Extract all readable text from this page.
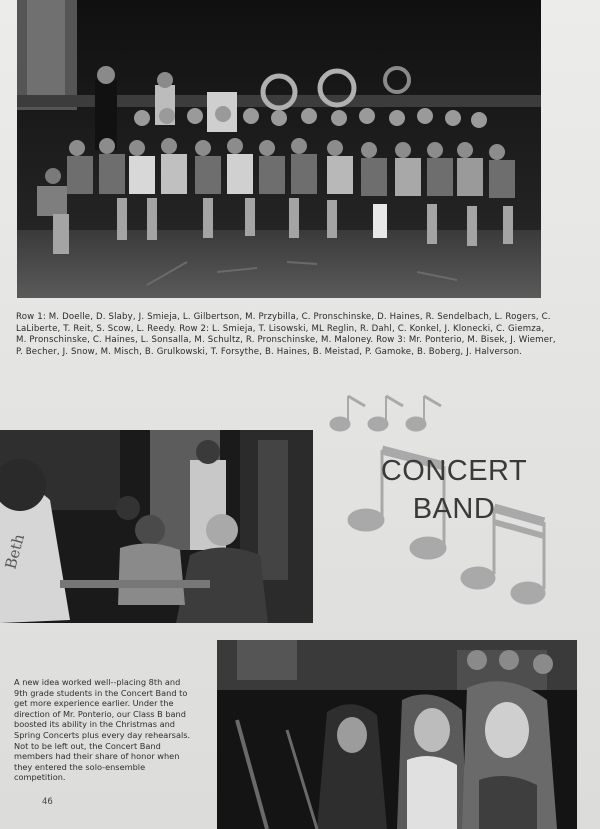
Row 1: M. Doelle, D. Slaby, J. Smieja, L. Gilbertson, M. Przybilla, C. Pronschinske, D. Haines, R. Sendelbach, L. Rogers, C. LaLiberte, T. Reit, S. Scow, L. Reedy. Row 2: L. Smieja, T. Lisowski, ML Reglin, R. Dahl, C. Konkel, J. Klonecki, C. Giemza, M. Pronschinske, C. Haines, L. Sonsalla, M. Schultz, R. Pronschinske, M. Maloney. Row 3: Mr. Ponterio, M. Bisek, J. Wiemer, P. Becher, J. Snow, M. Misch, B. Grulkowski, T. Forsythe, B. Haines, B. Meistad, P. Gamoke, B. Boberg, J. Halverson.
Beth
CONCERT
BAND
A new idea worked well--placing 8th and 9th grade students in the Concert Band to get more experience earlier. Under the direction of Mr. Ponterio, our Class B band boosted its ability in the Christmas and Spring Concerts plus every day rehearsals. Not to be left out, the Concert Band members had their share of honor when they entered the solo-ensemble competition.
46
